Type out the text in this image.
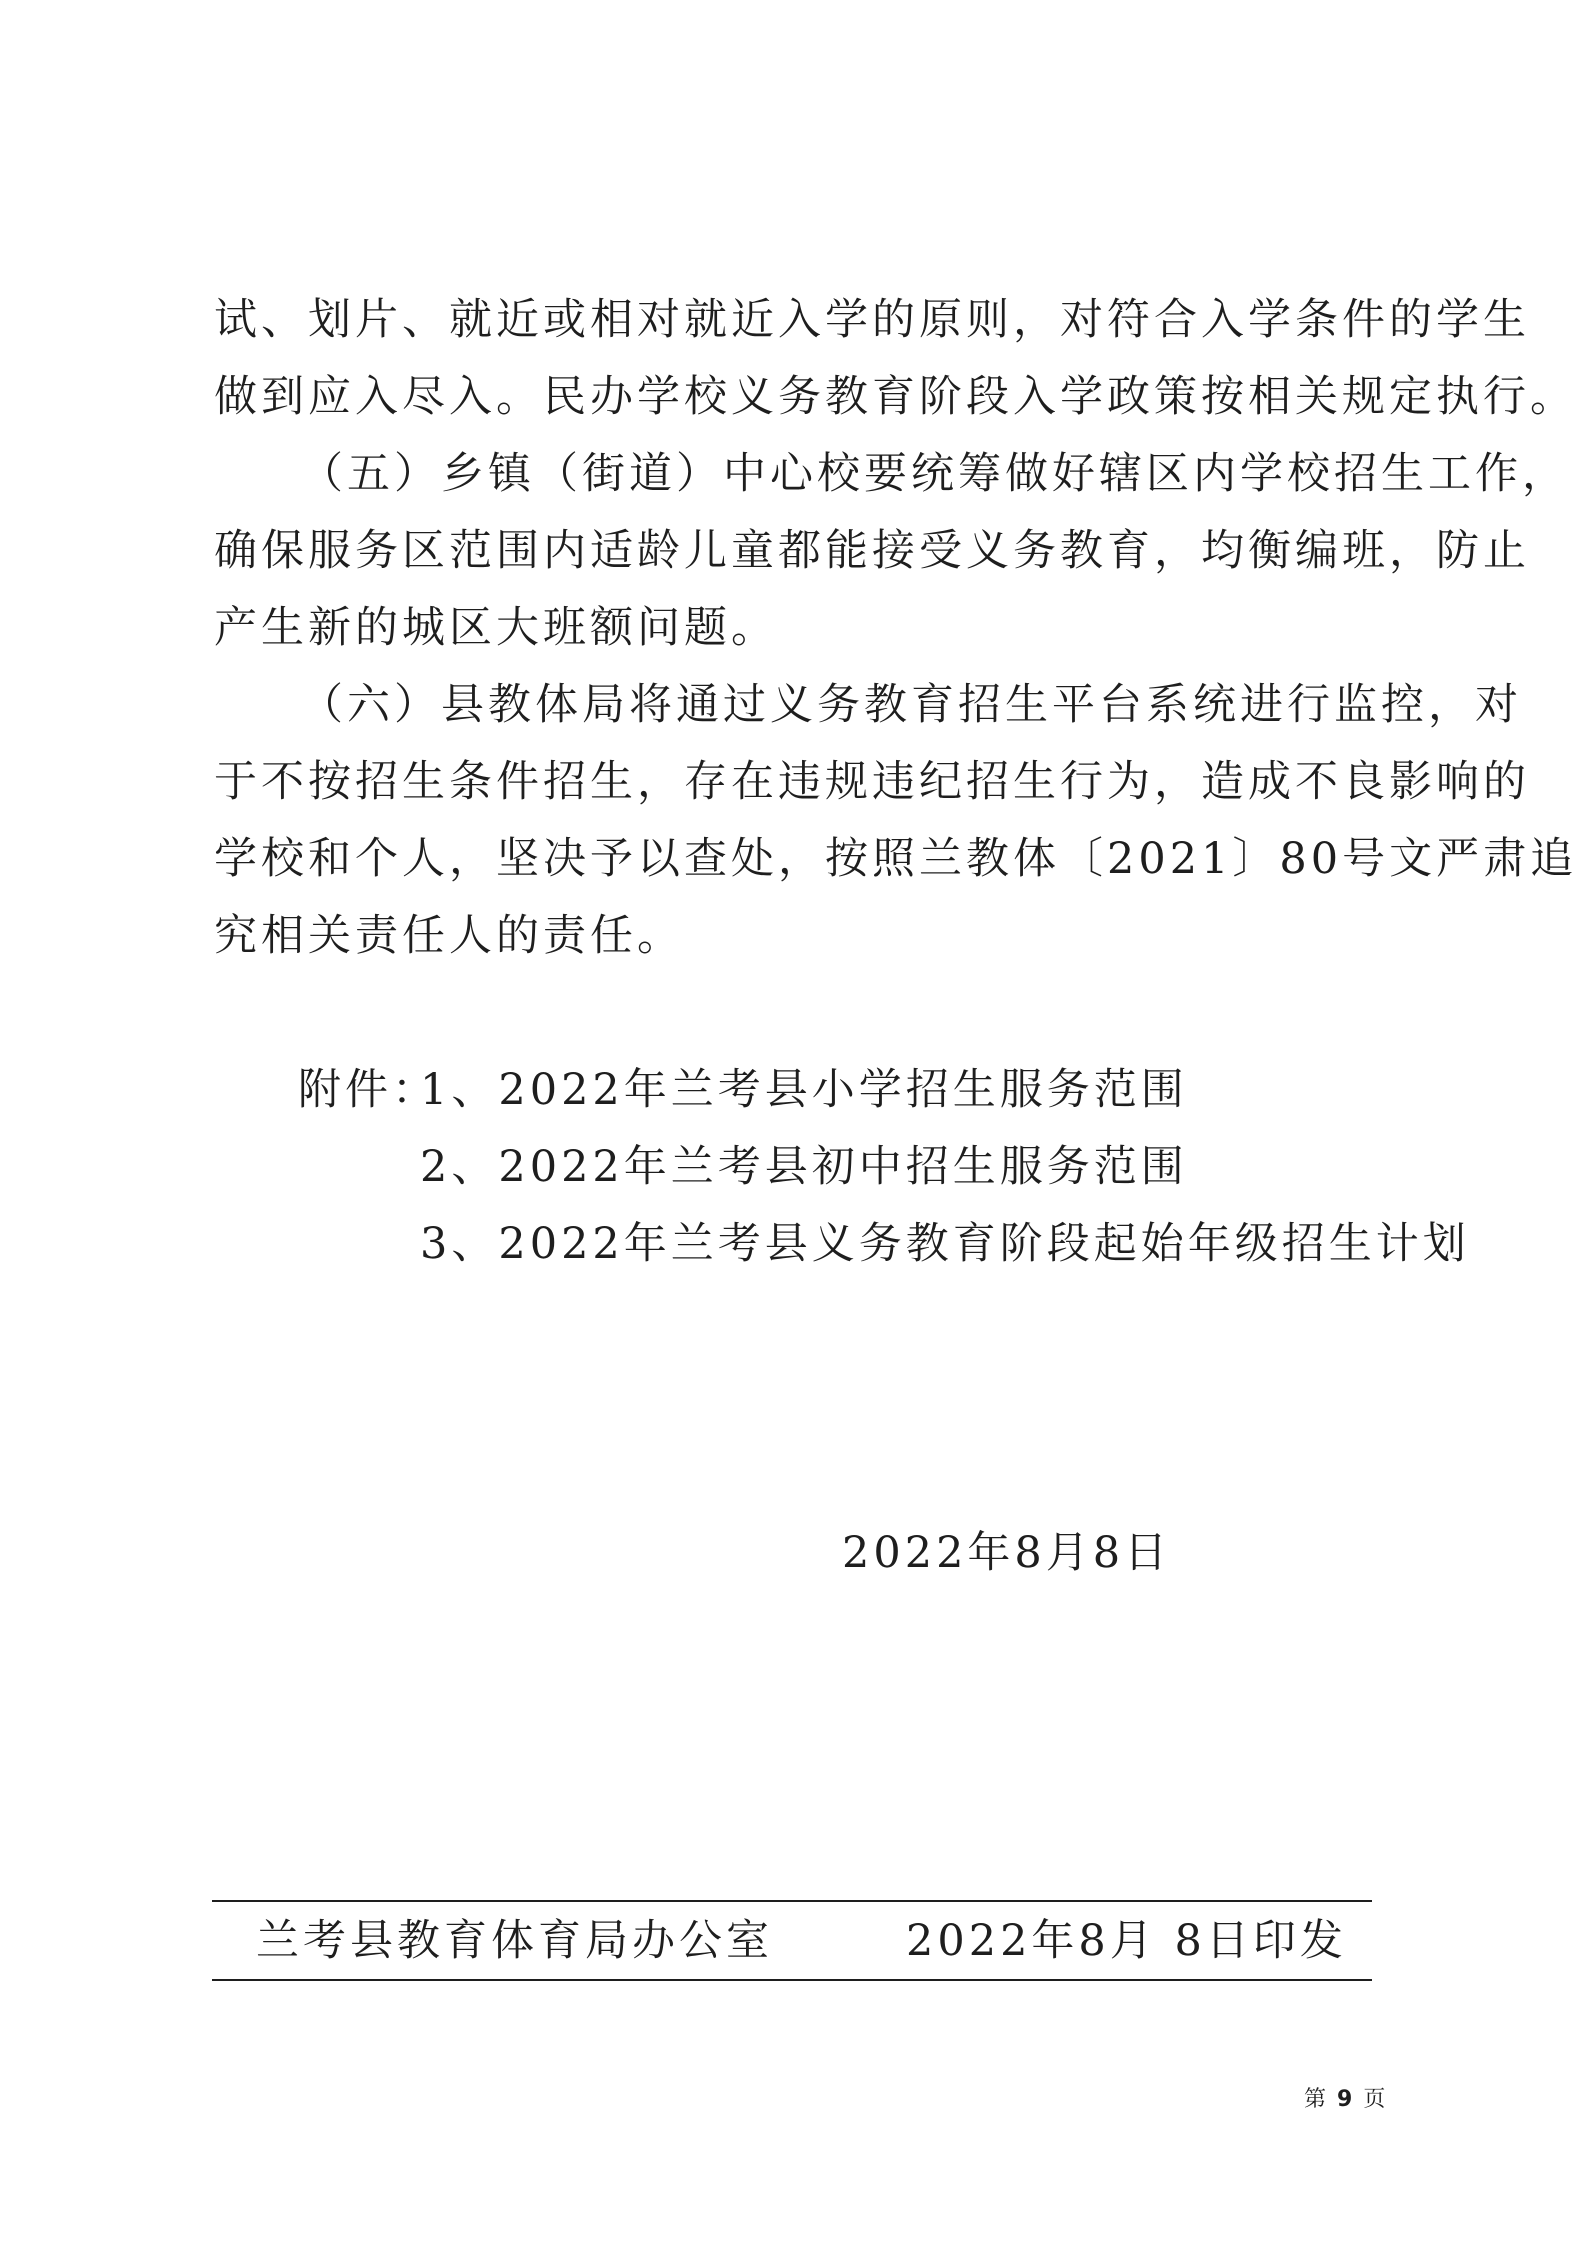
试、划片、就近或相对就近入学的原则，对符合入学条件的学生
做到应入尽入。民办学校义务教育阶段入学政策按相关规定执行。
（五）乡镇（街道）中心校要统筹做好辖区内学校招生工作，
确保服务区范围内适龄儿童都能接受义务教育，均衡编班，防止
产生新的城区大班额问题。
（六）县教体局将通过义务教育招生平台系统进行监控，对
于不按招生条件招生，存在违规违纪招生行为，造成不良影响的
学校和个人，坚决予以查处，按照兰教体〔2021〕80号文严肃追
究相关责任人的责任。
附件：
1、2022年兰考县小学招生服务范围
2、2022年兰考县初中招生服务范围
3、2022年兰考县义务教育阶段起始年级招生计划
2022年8月8日
兰考县教育体育局办公室	2022年8月 8日印发
第 9 页
